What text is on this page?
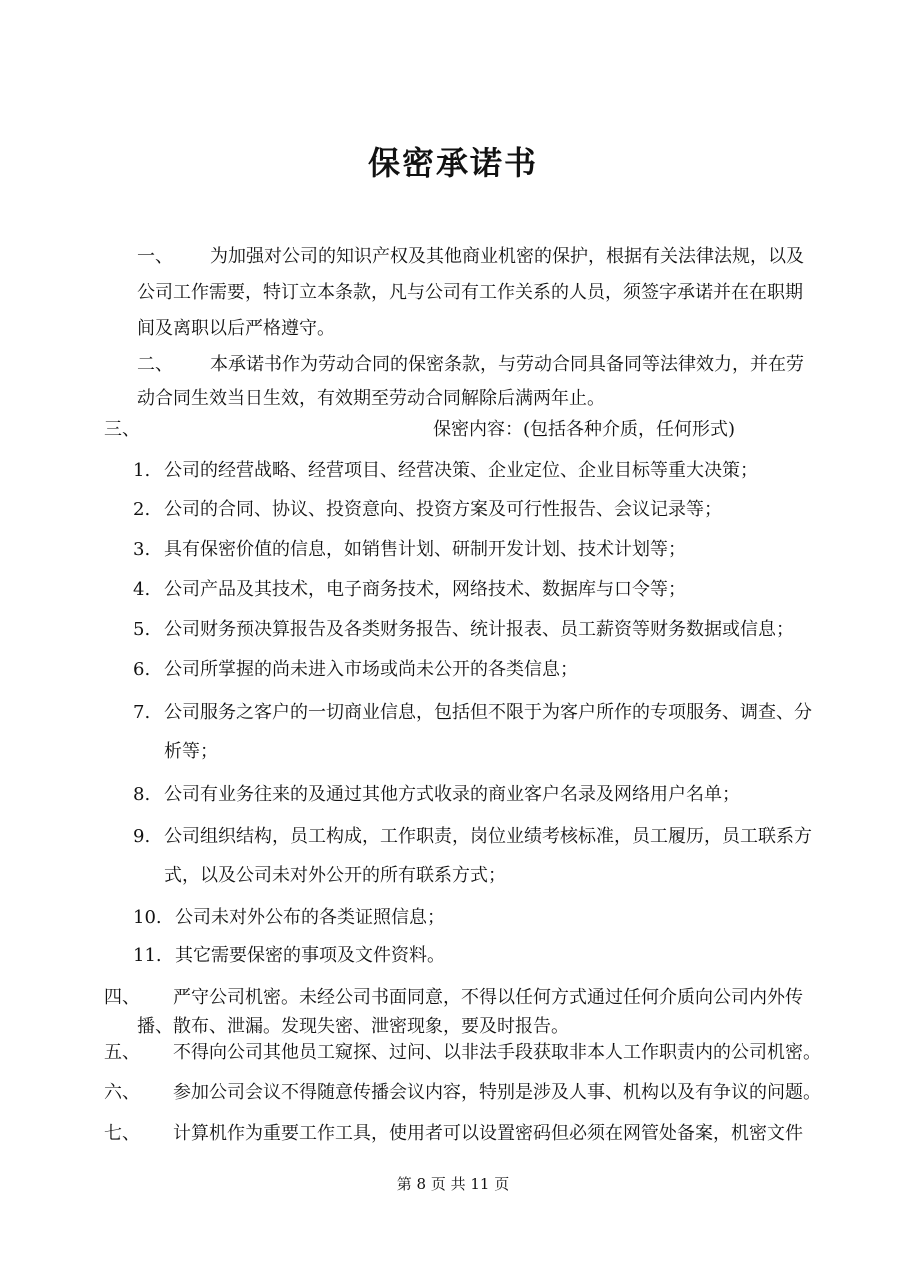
保密承诺书
一、 为加强对公司的知识产权及其他商业机密的保护，根据有关法律法规，以及
公司工作需要，特订立本条款，凡与公司有工作关系的人员，须签字承诺并在在职期
间及离职以后严格遵守。
二、 本承诺书作为劳动合同的保密条款，与劳动合同具备同等法律效力，并在劳
动合同生效当日生效，有效期至劳动合同解除后满两年止。
三、	保密内容：(包括各种介质，任何形式)
1. 公司的经营战略、经营项目、经营决策、企业定位、企业目标等重大决策；
2. 公司的合同、协议、投资意向、投资方案及可行性报告、会议记录等；
3. 具有保密价值的信息，如销售计划、研制开发计划、技术计划等；
4. 公司产品及其技术，电子商务技术，网络技术、数据库与口令等；
5. 公司财务预决算报告及各类财务报告、统计报表、员工薪资等财务数据或信息；
6. 公司所掌握的尚未进入市场或尚未公开的各类信息；
7. 公司服务之客户的一切商业信息，包括但不限于为客户所作的专项服务、调查、分
析等；
8. 公司有业务往来的及通过其他方式收录的商业客户名录及网络用户名单；
9. 公司组织结构，员工构成，工作职责，岗位业绩考核标准，员工履历，员工联系方
式，以及公司未对外公开的所有联系方式；
10. 公司未对外公布的各类证照信息；
11. 其它需要保密的事项及文件资料。
四、 严守公司机密。未经公司书面同意，不得以任何方式通过任何介质向公司内外传
播、散布、泄漏。发现失密、泄密现象，要及时报告。
五、 不得向公司其他员工窥探、过问、以非法手段获取非本人工作职责内的公司机密。
六、 参加公司会议不得随意传播会议内容，特别是涉及人事、机构以及有争议的问题。
七、 计算机作为重要工作工具，使用者可以设置密码但必须在网管处备案，机密文件
第 8 页 共 11 页
